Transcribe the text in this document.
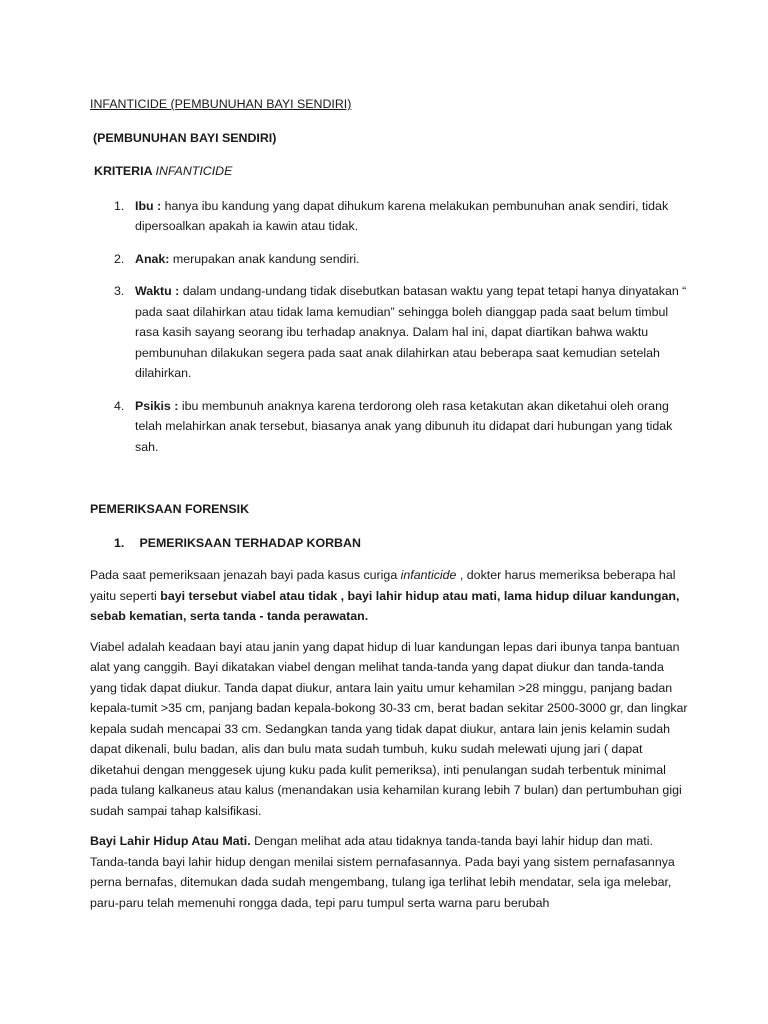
INFANTICIDE (PEMBUNUHAN BAYI SENDIRI)
(PEMBUNUHAN BAYI SENDIRI)
KRITERIA INFANTICIDE
1. Ibu : hanya ibu kandung yang dapat dihukum karena melakukan pembunuhan anak sendiri, tidak dipersoalkan apakah ia kawin atau tidak.
2. Anak: merupakan anak kandung sendiri.
3. Waktu : dalam undang-undang tidak disebutkan batasan waktu yang tepat tetapi hanya dinyatakan “ pada saat dilahirkan atau tidak lama kemudian” sehingga boleh dianggap pada saat belum timbul rasa kasih sayang seorang ibu terhadap anaknya. Dalam hal ini, dapat diartikan bahwa waktu pembunuhan dilakukan segera pada saat anak dilahirkan atau beberapa saat kemudian setelah dilahirkan.
4. Psikis : ibu membunuh anaknya karena terdorong oleh rasa ketakutan akan diketahui oleh orang telah melahirkan anak tersebut, biasanya anak yang dibunuh itu didapat dari hubungan yang tidak sah.
PEMERIKSAAN FORENSIK
1. PEMERIKSAAN TERHADAP KORBAN

Pada saat pemeriksaan jenazah bayi pada kasus curiga infanticide , dokter harus memeriksa beberapa hal yaitu seperti bayi tersebut viabel atau tidak , bayi lahir hidup atau mati, lama hidup diluar kandungan, sebab kematian, serta tanda - tanda perawatan.

Viabel adalah keadaan bayi atau janin yang dapat hidup di luar kandungan lepas dari ibunya tanpa bantuan alat yang canggih. Bayi dikatakan viabel dengan melihat tanda-tanda yang dapat diukur dan tanda-tanda yang tidak dapat diukur. Tanda dapat diukur, antara lain yaitu umur kehamilan >28 minggu, panjang badan kepala-tumit >35 cm, panjang badan kepala-bokong 30-33 cm, berat badan sekitar 2500-3000 gr, dan lingkar kepala sudah mencapai 33 cm. Sedangkan tanda yang tidak dapat diukur, antara lain jenis kelamin sudah dapat dikenali, bulu badan, alis dan bulu mata sudah tumbuh, kuku sudah melewati ujung jari ( dapat diketahui dengan menggesek ujung kuku pada kulit pemeriksa), inti penulangan sudah terbentuk minimal pada tulang kalkaneus atau kalus (menandakan usia kehamilan kurang lebih 7 bulan) dan pertumbuhan gigi sudah sampai tahap kalsifikasi.

Bayi Lahir Hidup Atau Mati. Dengan melihat ada atau tidaknya tanda-tanda bayi lahir hidup dan mati. Tanda-tanda bayi lahir hidup dengan menilai sistem pernafasannya. Pada bayi yang sistem pernafasannya perna bernafas, ditemukan dada sudah mengembang, tulang iga terlihat lebih mendatar, sela iga melebar, paru-paru telah memenuhi rongga dada, tepi paru tumpul serta warna paru berubah
